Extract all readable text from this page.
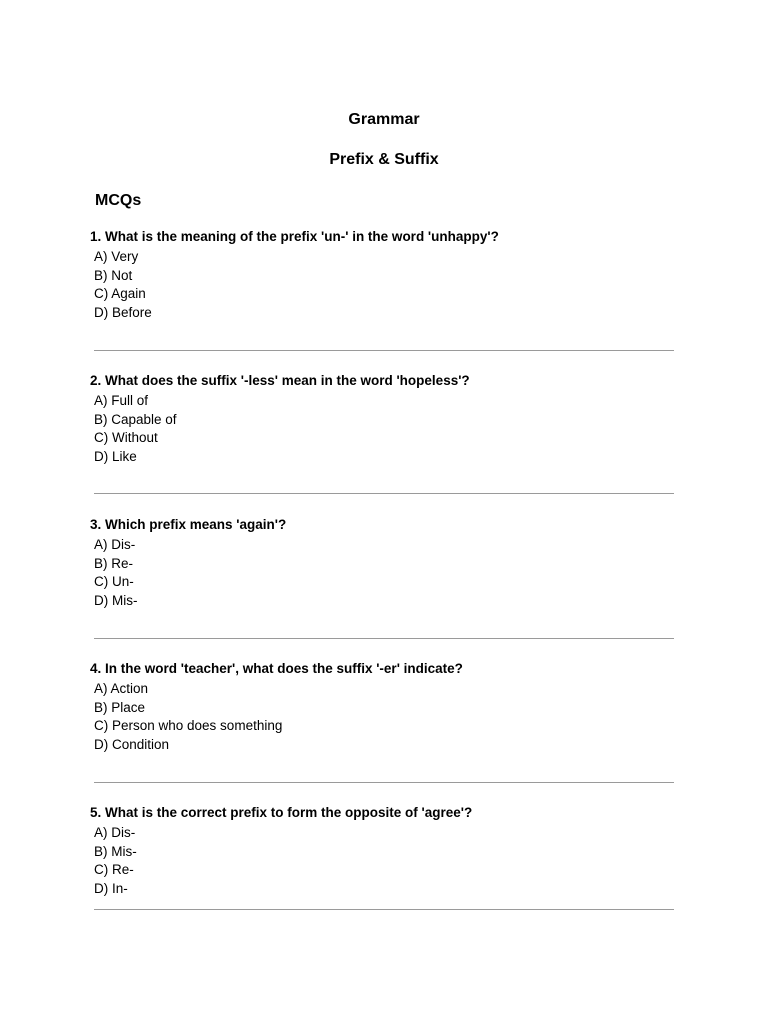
Grammar
Prefix & Suffix
MCQs
1. What is the meaning of the prefix 'un-' in the word 'unhappy'?
A) Very
B) Not
C) Again
D) Before
2. What does the suffix '-less' mean in the word 'hopeless'?
A) Full of
B) Capable of
C) Without
D) Like
3. Which prefix means 'again'?
A) Dis-
B) Re-
C) Un-
D) Mis-
4. In the word 'teacher', what does the suffix '-er' indicate?
A) Action
B) Place
C) Person who does something
D) Condition
5. What is the correct prefix to form the opposite of 'agree'?
A) Dis-
B) Mis-
C) Re-
D) In-
